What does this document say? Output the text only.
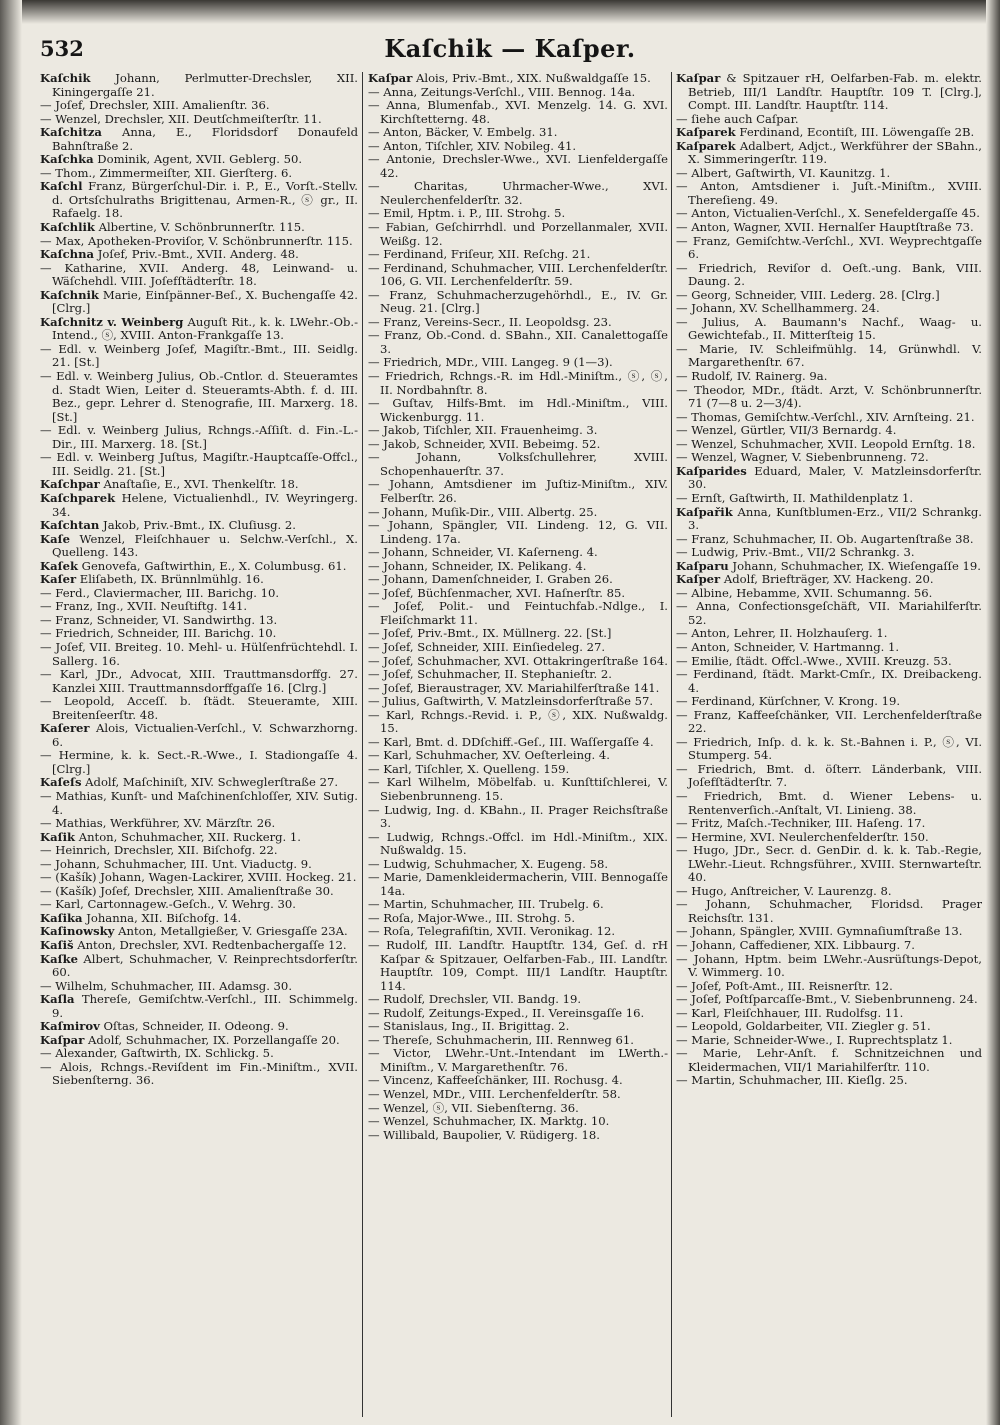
532	Kaſchik — Kaſper.

Kaſchik Johann, Perlmutter-Drechsler, XII. Kiningergaſſe 21.

— Joſef, Drechsler, XIII. Amalienſtr. 36.

— Wenzel, Drechsler, XII. Deutſchmeiſterſtr. 11.

Kaſchitza Anna, E., Floridsdorf Donaufeld Bahnſtraße 2.

Kaſchka Dominik, Agent, XVII. Geblerg. 50.

— Thom., Zimmermeiſter, XII. Gierſterg. 6.

Kaſchl Franz, Bürgerſchul-Dir. i. P., E., Vorſt.-Stellv. d. Ortsſchulraths Brigittenau, Armen-R., ⓢ gr., II. Rafaelg. 18.

Kaſchlik Albertine, V. Schönbrunnerſtr. 115.

— Max, Apotheken-Proviſor, V. Schönbrunnerſtr. 115.

Kaſchna Joſef, Priv.-Bmt., XVII. Anderg. 48.

— Katharine, XVII. Anderg. 48, Leinwand- u. Wäſchehdl. VIII. Joſefſtädterſtr. 18.

Kaſchnik Marie, Einſpänner-Beſ., X. Buchengaſſe 42. [Clrg.]

Kaſchnitz v. Weinberg Auguſt Rit., k. k. LWehr.-Ob.-Intend., ⓢ, XVIII. Anton-Frankgaſſe 13.

— Edl. v. Weinberg Joſef, Magiſtr.-Bmt., III. Seidlg. 21. [St.]

— Edl. v. Weinberg Julius, Ob.-Cntlor. d. Steueramtes d. Stadt Wien, Leiter d. Steueramts-Abth. f. d. III. Bez., gepr. Lehrer d. Stenografie, III. Marxerg. 18. [St.]

— Edl. v. Weinberg Julius, Rchngs.-Aſſiſt. d. Fin.-L.-Dir., III. Marxerg. 18. [St.]

— Edl. v. Weinberg Juſtus, Magiſtr.-Hauptcaſſe-Offcl., III. Seidlg. 21. [St.]

Kaſchpar Anaſtaſie, E., XVI. Thenkelſtr. 18.

Kaſchparek Helene, Victualienhdl., IV. Weyringerg. 34.

Kaſchtan Jakob, Priv.-Bmt., IX. Cluſiusg. 2.

Kaſe Wenzel, Fleiſchhauer u. Selchw.-Verſchl., X. Quelleng. 143.

Kaſek Genovefa, Gaſtwirthin, E., X. Columbusg. 61.

Kaſer Eliſabeth, IX. Brünnlmühlg. 16.

— Ferd., Claviermacher, III. Barichg. 10.

— Franz, Ing., XVII. Neuſtiftg. 141.

— Franz, Schneider, VI. Sandwirthg. 13.

— Friedrich, Schneider, III. Barichg. 10.

— Joſef, VII. Breiteg. 10. Mehl- u. Hülſenfrüchtehdl. I. Sallerg. 16.

— Karl, JDr., Advocat, XIII. Trauttmansdorffg. 27. Kanzlei XIII. Trauttmannsdorffgaſſe 16. [Clrg.]

— Leopold, Acceſſ. b. ſtädt. Steueramte, XIII. Breitenſeerſtr. 48.

Kaſerer Alois, Victualien-Verſchl., V. Schwarzhorng. 6.

— Hermine, k. k. Sect.-R.-Wwe., I. Stadiongaſſe 4. [Clrg.]

Kaſeſs Adolf, Maſchiniſt, XIV. Schweglerſtraße 27.

— Mathias, Kunſt- und Maſchinenſchloſſer, XIV. Sutig. 4.

— Mathias, Werkführer, XV. Märzſtr. 26.

Kaſik Anton, Schuhmacher, XII. Ruckerg. 1.

— Heinrich, Drechsler, XII. Biſchofg. 22.

— Johann, Schuhmacher, III. Unt. Viaductg. 9.

— (Kašík) Johann, Wagen-Lackirer, XVIII. Hockeg. 21.

— (Kašík) Joſef, Drechsler, XIII. Amalienſtraße 30.

— Karl, Cartonnagew.-Geſch., V. Wehrg. 30.

Kaſika Johanna, XII. Biſchofg. 14.

Kaſinowsky Anton, Metallgießer, V. Griesgaſſe 23A.

Kaſiš Anton, Drechsler, XVI. Redtenbachergaſſe 12.

Kaſke Albert, Schuhmacher, V. Reinprechtsdorferſtr. 60.

— Wilhelm, Schuhmacher, III. Adamsg. 30.

Kaſla Thereſe, Gemiſchtw.-Verſchl., III. Schimmelg. 9.

Kaſmirov Oſtas, Schneider, II. Odeong. 9.

Kaſpar Adolf, Schuhmacher, IX. Porzellangaſſe 20.

— Alexander, Gaſtwirth, IX. Schlickg. 5.

— Alois, Rchngs.-Reviſdent im Fin.-Miniſtm., XVII. Siebenſterng. 36.

Kaſpar Alois, Priv.-Bmt., XIX. Nußwaldgaſſe 15.

— Anna, Zeitungs-Verſchl., VIII. Bennog. 14a.

— Anna, Blumenfab., XVI. Menzelg. 14. G. XVI. Kirchſtetterng. 48.

— Anton, Bäcker, V. Embelg. 31.

— Anton, Tiſchler, XIV. Nobileg. 41.

— Antonie, Drechsler-Wwe., XVI. Lienfeldergaſſe 42.

— Charitas, Uhrmacher-Wwe., XVI. Neulerchenfelderſtr. 32.

— Emil, Hptm. i. P., III. Strohg. 5.

— Fabian, Geſchirrhdl. und Porzellanmaler, XVII. Weißg. 12.

— Ferdinand, Friſeur, XII. Reſchg. 21.

— Ferdinand, Schuhmacher, VIII. Lerchenfelderſtr. 106, G. VII. Lerchenfelderſtr. 59.

— Franz, Schuhmacherzugehörhdl., E., IV. Gr. Neug. 21. [Clrg.]

— Franz, Vereins-Secr., II. Leopoldsg. 23.

— Franz, Ob.-Cond. d. SBahn., XII. Canalettogaſſe 3.

— Friedrich, MDr., VIII. Langeg. 9 (1—3).

— Friedrich, Rchngs.-R. im Hdl.-Miniſtm., ⓢ, ⓢ, II. Nordbahnſtr. 8.

— Guſtav, Hilfs-Bmt. im Hdl.-Miniſtm., VIII. Wickenburgg. 11.

— Jakob, Tiſchler, XII. Frauenheimg. 3.

— Jakob, Schneider, XVII. Bebeimg. 52.

— Johann, Volksſchullehrer, XVIII. Schopenhauerſtr. 37.

— Johann, Amtsdiener im Juſtiz-Miniſtm., XIV. Felberſtr. 26.

— Johann, Muſik-Dir., VIII. Albertg. 25.

— Johann, Spängler, VII. Lindeng. 12, G. VII. Lindeng. 17a.

— Johann, Schneider, VI. Kaſerneng. 4.

— Johann, Schneider, IX. Pelikang. 4.

— Johann, Damenſchneider, I. Graben 26.

— Joſef, Büchſenmacher, XVI. Haſnerſtr. 85.

— Joſef, Polit.- und Feintuchfab.-Ndlge., I. Fleiſchmarkt 11.

— Joſef, Priv.-Bmt., IX. Müllnerg. 22. [St.]

— Joſef, Schneider, XIII. Einſiedeleg. 27.

— Joſef, Schuhmacher, XVI. Ottakringerſtraße 164.

— Joſef, Schuhmacher, II. Stephanieſtr. 2.

— Joſef, Bieraustrager, XV. Mariahilferſtraße 141.

— Julius, Gaſtwirth, V. Matzleinsdorferſtraße 57.

— Karl, Rchngs.-Revid. i. P., ⓢ, XIX. Nußwaldg. 15.

— Karl, Bmt. d. DDſchiff.-Geſ., III. Waſſergaſſe 4.

— Karl, Schuhmacher, XV. Oeſterleing. 4.

— Karl, Tiſchler, X. Quelleng. 159.

— Karl Wilhelm, Möbelfab. u. Kunſttiſchlerei, V. Siebenbrunneng. 15.

— Ludwig, Ing. d. KBahn., II. Prager Reichsſtraße 3.

— Ludwig, Rchngs.-Offcl. im Hdl.-Miniſtm., XIX. Nußwaldg. 15.

— Ludwig, Schuhmacher, X. Eugeng. 58.

— Marie, Damenkleidermacherin, VIII. Bennogaſſe 14a.

— Martin, Schuhmacher, III. Trubelg. 6.

— Roſa, Major-Wwe., III. Strohg. 5.

— Roſa, Telegrafiſtin, XVII. Veronikag. 12.

— Rudolf, III. Landſtr. Hauptſtr. 134, Geſ. d. rH Kaſpar & Spitzauer, Oelfarben-Fab., III. Landſtr. Hauptſtr. 109, Compt. III/1 Landſtr. Hauptſtr. 114.

— Rudolf, Drechsler, VII. Bandg. 19.

— Rudolf, Zeitungs-Exped., II. Vereinsgaſſe 16.

— Stanislaus, Ing., II. Brigittag. 2.

— Thereſe, Schuhmacherin, III. Rennweg 61.

— Victor, LWehr.-Unt.-Intendant im LWerth.-Miniſtm., V. Margarethenſtr. 76.

— Vincenz, Kaffeeſchänker, III. Rochusg. 4.

— Wenzel, MDr., VIII. Lerchenfelderſtr. 58.

— Wenzel, ⓢ, VII. Siebenſterng. 36.

— Wenzel, Schuhmacher, IX. Marktg. 10.

— Willibald, Baupolier, V. Rüdigerg. 18.

Kaſpar & Spitzauer rH, Oelfarben-Fab. m. elektr. Betrieb, III/1 Landſtr. Hauptſtr. 109 T. [Clrg.], Compt. III. Landſtr. Hauptſtr. 114.

— ſiehe auch Caſpar.

Kaſparek Ferdinand, Econtiſt, III. Löwengaſſe 2B.

Kaſparek Adalbert, Adjct., Werkführer der SBahn., X. Simmeringerſtr. 119.

— Albert, Gaſtwirth, VI. Kaunitzg. 1.

— Anton, Amtsdiener i. Juſt.-Miniſtm., XVIII. Thereſieng. 49.

— Anton, Victualien-Verſchl., X. Senefeldergaſſe 45.

— Anton, Wagner, XVII. Hernalſer Hauptſtraße 73.

— Franz, Gemiſchtw.-Verſchl., XVI. Weyprechtgaſſe 6.

— Friedrich, Reviſor d. Oeſt.-ung. Bank, VIII. Daung. 2.

— Georg, Schneider, VIII. Lederg. 28. [Clrg.]

— Johann, XV. Schellhammerg. 24.

— Julius, A. Baumann's Nachf., Waag- u. Gewichtefab., II. Mitterſteig 15.

— Marie, IV. Schleifmühlg. 14, Grünwhdl. V. Margarethenſtr. 67.

— Rudolf, IV. Rainerg. 9a.

— Theodor, MDr., ſtädt. Arzt, V. Schönbrunnerſtr. 71 (7—8 u. 2—3/4).

— Thomas, Gemiſchtw.-Verſchl., XIV. Arnſteing. 21.

— Wenzel, Gürtler, VII/3 Bernardg. 4.

— Wenzel, Schuhmacher, XVII. Leopold Ernſtg. 18.

— Wenzel, Wagner, V. Siebenbrunneng. 72.

Kaſparides Eduard, Maler, V. Matzleinsdorferſtr. 30.

— Ernſt, Gaſtwirth, II. Mathildenplatz 1.

Kaſpařik Anna, Kunſtblumen-Erz., VII/2 Schrankg. 3.

— Franz, Schuhmacher, II. Ob. Augartenſtraße 38.

— Ludwig, Priv.-Bmt., VII/2 Schrankg. 3.

Kaſparu Johann, Schuhmacher, IX. Wieſengaſſe 19.

Kaſper Adolf, Briefträger, XV. Hackeng. 20.

— Albine, Hebamme, XVII. Schumanng. 56.

— Anna, Confectionsgeſchäft, VII. Mariahilferſtr. 52.

— Anton, Lehrer, II. Holzhauſerg. 1.

— Anton, Schneider, V. Hartmanng. 1.

— Emilie, ſtädt. Offcl.-Wwe., XVIII. Kreuzg. 53.

— Ferdinand, ſtädt. Markt-Cmſr., IX. Dreibackeng. 4.

— Ferdinand, Kürſchner, V. Krong. 19.

— Franz, Kaffeeſchänker, VII. Lerchenfelderſtraße 22.

— Friedrich, Inſp. d. k. k. St.-Bahnen i. P., ⓢ, VI. Stumperg. 54.

— Friedrich, Bmt. d. öſterr. Länderbank, VIII. Joſefſtädterſtr. 7.

— Friedrich, Bmt. d. Wiener Lebens- u. Rentenverſich.-Anſtalt, VI. Linieng. 38.

— Fritz, Maſch.-Techniker, III. Haſeng. 17.

— Hermine, XVI. Neulerchenfelderſtr. 150.

— Hugo, JDr., Secr. d. GenDir. d. k. k. Tab.-Regie, LWehr.-Lieut. Rchngsführer., XVIII. Sternwarteſtr. 40.

— Hugo, Anſtreicher, V. Laurenzg. 8.

— Johann, Schuhmacher, Floridsd. Prager Reichsſtr. 131.

— Johann, Spängler, XVIII. Gymnaſiumſtraße 13.

— Johann, Caffediener, XIX. Libbaurg. 7.

— Johann, Hptm. beim LWehr.-Ausrüſtungs-Depot, V. Wimmerg. 10.

— Joſef, Poſt-Amt., III. Reisnerſtr. 12.

— Joſef, Poſtſparcaſſe-Bmt., V. Siebenbrunneng. 24.

— Karl, Fleiſchhauer, III. Rudolfsg. 11.

— Leopold, Goldarbeiter, VII. Ziegler g. 51.

— Marie, Schneider-Wwe., I. Ruprechtsplatz 1.

— Marie, Lehr-Anſt. f. Schnitzeichnen und Kleidermachen, VII/1 Mariahilferſtr. 110.

— Martin, Schuhmacher, III. Kieſlg. 25.
